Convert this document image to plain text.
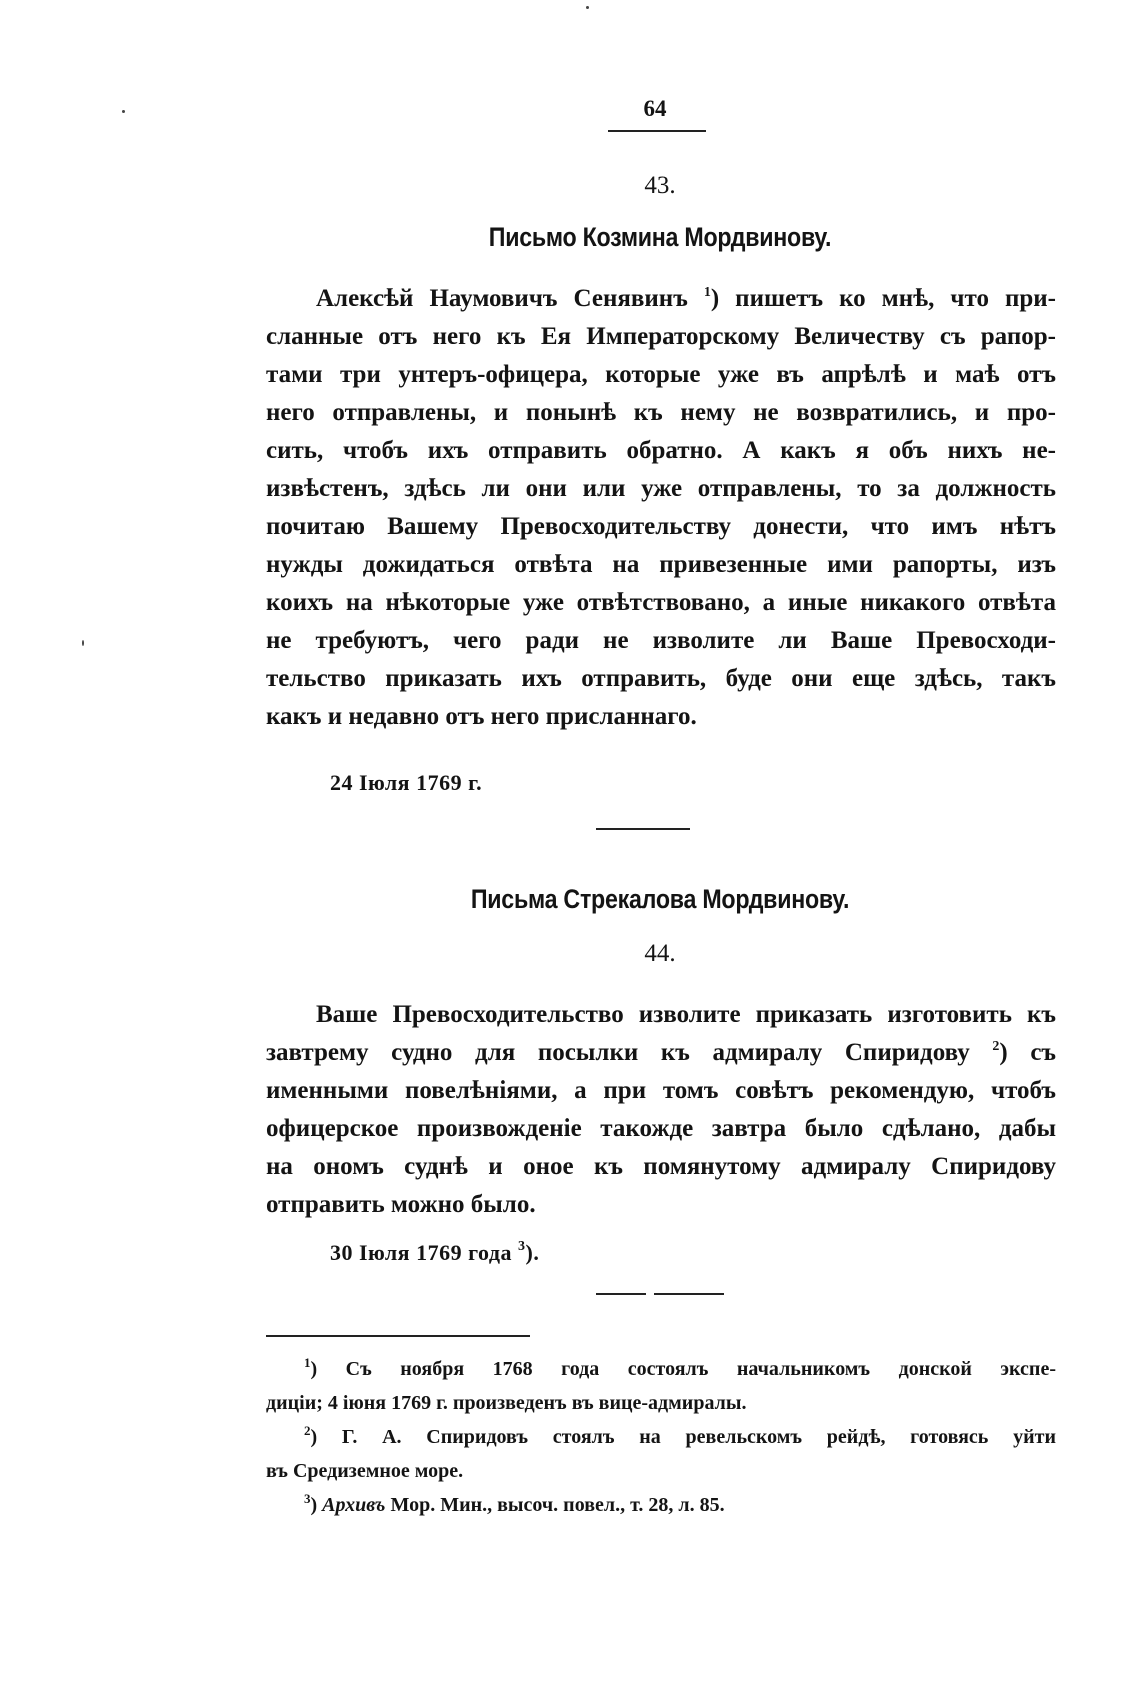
64
43.
Письмо Козмина Мордвинову.
Алексѣй Наумовичъ Сенявинъ $^1$) пишетъ ко мнѣ, что при-
сланные отъ него къ Ея Императорскому Величеству съ рапор-
тами три унтеръ-офицера, которые уже въ апрѣлѣ и маѣ отъ
него отправлены, и понынѣ къ нему не возвратились, и про-
сить, чтобъ ихъ отправить обратно. А какъ я объ нихъ не-
извѣстенъ, здѣсь ли они или уже отправлены, то за должность
почитаю Вашему Превосходительству донести, что имъ нѣтъ
нужды дожидаться отвѣта на привезенные ими рапорты, изъ
коихъ на нѣкоторые уже отвѣтствовано, а иные никакого отвѣта
не требуютъ, чего ради не изволите ли Ваше Превосходи-
тельство приказать ихъ отправить, буде они еще здѣсь, такъ
какъ и недавно отъ него присланнаго.
24 Іюля 1769 г.
Письма Стрекалова Мордвинову.
44.
Ваше Превосходительство изволите приказать изготовить къ
завтрему судно для посылки къ адмиралу Спиридову $^2$) съ
именными повелѣніями, а при томъ совѣтъ рекомендую, чтобъ
офицерское произвожденіе такожде завтра было сдѣлано, дабы
на ономъ суднѣ и оное къ помянутому адмиралу Спиридову
отправить можно было.
30 Іюля 1769 года $^3$).
$^1$) Съ ноября 1768 года состоялъ начальникомъ донской экспе-
диціи; 4 іюня 1769 г. произведенъ въ вице-адмиралы.
$^2$) Г. А. Спиридовъ стоялъ на ревельскомъ рейдѣ, готовясь уйти
въ Средиземное море.
$^3$) Архивъ Мор. Мин., высоч. повел., т. 28, л. 85.
